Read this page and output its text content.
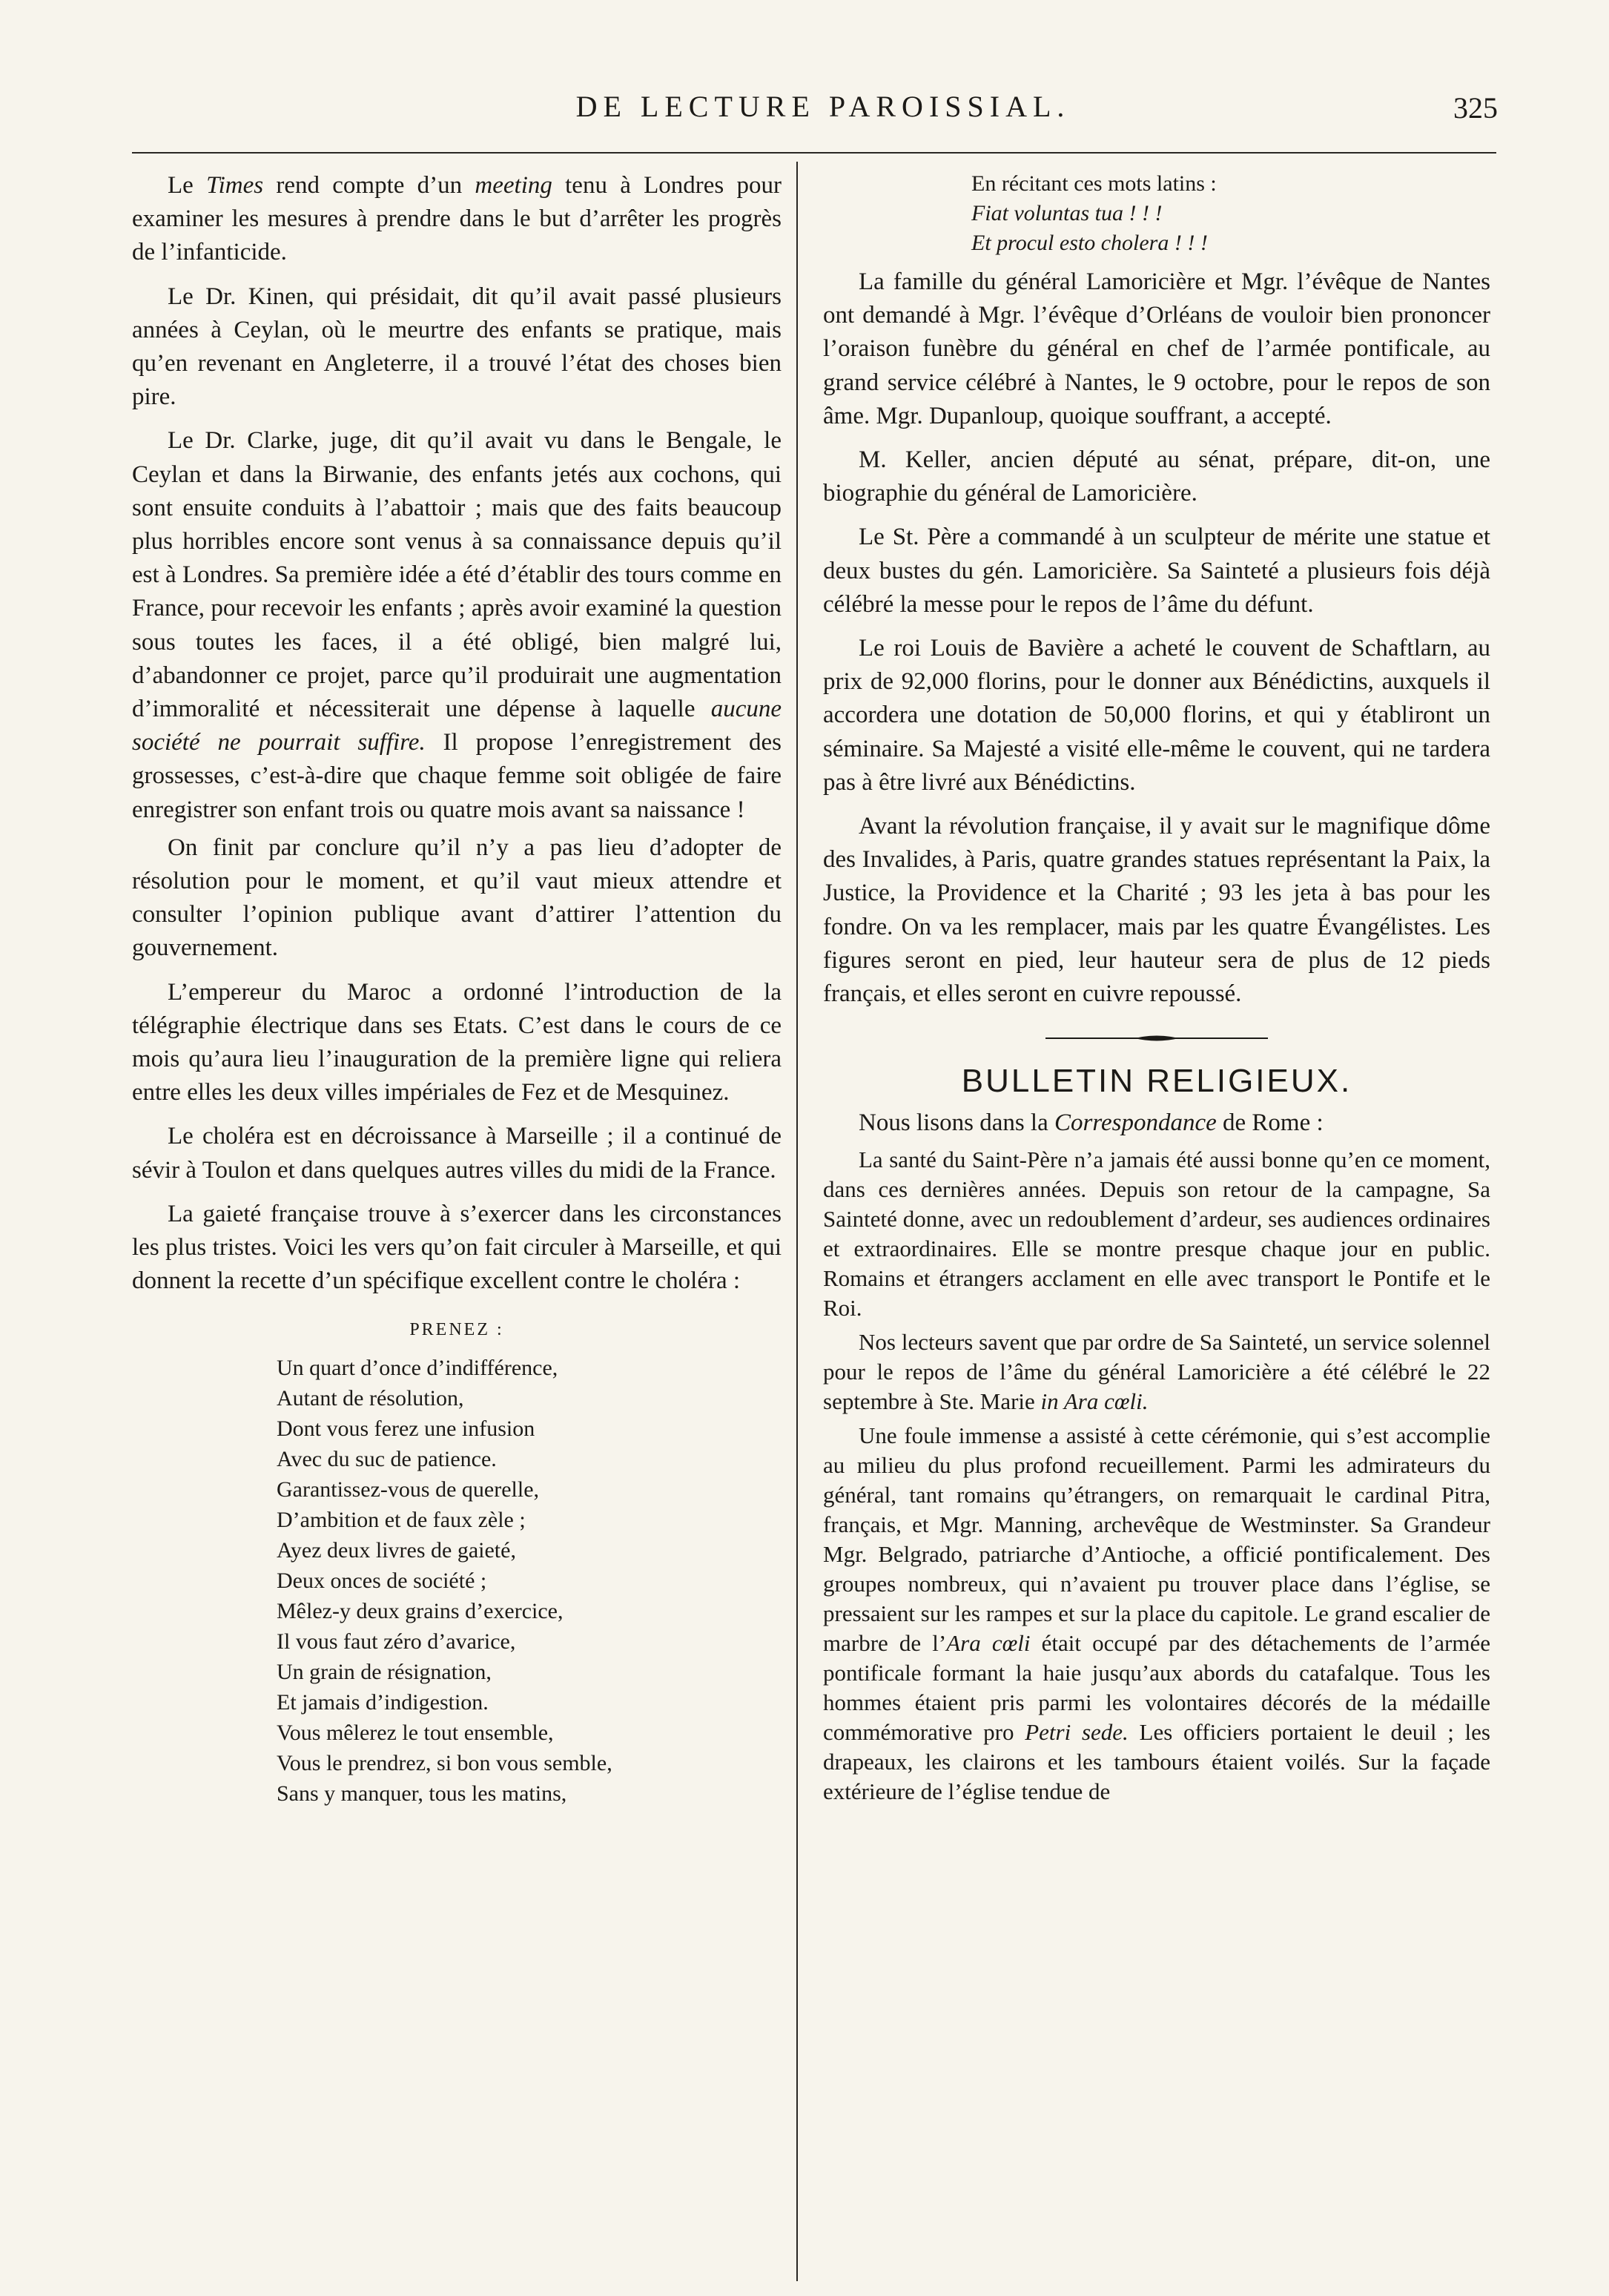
DE LECTURE PAROISSIAL.	325

Le Times rend compte d’un meeting tenu à Londres pour examiner les mesures à prendre dans le but d’arrêter les progrès de l’infanticide.

Le Dr. Kinen, qui présidait, dit qu’il avait passé plusieurs années à Ceylan, où le meurtre des enfants se pratique, mais qu’en revenant en Angleterre, il a trouvé l’état des choses bien pire.

Le Dr. Clarke, juge, dit qu’il avait vu dans le Bengale, le Ceylan et dans la Birwanie, des enfants jetés aux cochons, qui sont ensuite conduits à l’abattoir ; mais que des faits beaucoup plus horribles encore sont venus à sa connaissance depuis qu’il est à Londres. Sa première idée a été d’établir des tours comme en France, pour recevoir les enfants ; après avoir examiné la question sous toutes les faces, il a été obligé, bien malgré lui, d’abandonner ce projet, parce qu’il produirait une augmentation d’immoralité et nécessiterait une dépense à laquelle aucune société ne pourrait suffire. Il propose l’enregistrement des grossesses, c’est-à-dire que chaque femme soit obligée de faire enregistrer son enfant trois ou quatre mois avant sa naissance !

On finit par conclure qu’il n’y a pas lieu d’adopter de résolution pour le moment, et qu’il vaut mieux attendre et consulter l’opinion publique avant d’attirer l’attention du gouvernement.

L’empereur du Maroc a ordonné l’introduction de la télégraphie électrique dans ses Etats. C’est dans le cours de ce mois qu’aura lieu l’inauguration de la première ligne qui reliera entre elles les deux villes impériales de Fez et de Mesquinez.

Le choléra est en décroissance à Marseille ; il a continué de sévir à Toulon et dans quelques autres villes du midi de la France.

La gaieté française trouve à s’exercer dans les circonstances les plus tristes. Voici les vers qu’on fait circuler à Marseille, et qui donnent la recette d’un spécifique excellent contre le choléra :

PRENEZ :
Un quart d’once d’indifférence,
Autant de résolution,
Dont vous ferez une infusion
Avec du suc de patience.
Garantissez-vous de querelle,
D’ambition et de faux zèle ;
Ayez deux livres de gaieté,
Deux onces de société ;
Mêlez-y deux grains d’exercice,
Il vous faut zéro d’avarice,
Un grain de résignation,
Et jamais d’indigestion.
Vous mêlerez le tout ensemble,
Vous le prendrez, si bon vous semble,
Sans y manquer, tous les matins,
En récitant ces mots latins :
Fiat voluntas tua ! ! !
Et procul esto cholera ! ! !

La famille du général Lamoricière et Mgr. l’évêque de Nantes ont demandé à Mgr. l’évêque d’Orléans de vouloir bien prononcer l’oraison funèbre du général en chef de l’armée pontificale, au grand service célébré à Nantes, le 9 octobre, pour le repos de son âme. Mgr. Dupanloup, quoique souffrant, a accepté.

M. Keller, ancien député au sénat, prépare, dit-on, une biographie du général de Lamoricière.

Le St. Père a commandé à un sculpteur de mérite une statue et deux bustes du gén. Lamoricière. Sa Sainteté a plusieurs fois déjà célébré la messe pour le repos de l’âme du défunt.

Le roi Louis de Bavière a acheté le couvent de Schaftlarn, au prix de 92,000 florins, pour le donner aux Bénédictins, auxquels il accordera une dotation de 50,000 florins, et qui y établiront un séminaire. Sa Majesté a visité elle-même le couvent, qui ne tardera pas à être livré aux Bénédictins.

Avant la révolution française, il y avait sur le magnifique dôme des Invalides, à Paris, quatre grandes statues représentant la Paix, la Justice, la Providence et la Charité ; 93 les jeta à bas pour les fondre. On va les remplacer, mais par les quatre Évangélistes. Les figures seront en pied, leur hauteur sera de plus de 12 pieds français, et elles seront en cuivre repoussé.

BULLETIN RELIGIEUX.

Nous lisons dans la Correspondance de Rome :

La santé du Saint-Père n’a jamais été aussi bonne qu’en ce moment, dans ces dernières années. Depuis son retour de la campagne, Sa Sainteté donne, avec un redoublement d’ardeur, ses audiences ordinaires et extraordinaires. Elle se montre presque chaque jour en public. Romains et étrangers acclament en elle avec transport le Pontife et le Roi.

Nos lecteurs savent que par ordre de Sa Sainteté, un service solennel pour le repos de l’âme du général Lamoricière a été célébré le 22 septembre à Ste. Marie in Ara cœli.

Une foule immense a assisté à cette cérémonie, qui s’est accomplie au milieu du plus profond recueillement. Parmi les admirateurs du général, tant romains qu’étrangers, on remarquait le cardinal Pitra, français, et Mgr. Manning, archevêque de Westminster. Sa Grandeur Mgr. Belgrado, patriarche d’Antioche, a officié pontificalement. Des groupes nombreux, qui n’avaient pu trouver place dans l’église, se pressaient sur les rampes et sur la place du capitole. Le grand escalier de marbre de l’Ara cœli était occupé par des détachements de l’armée pontificale formant la haie jusqu’aux abords du catafalque. Tous les hommes étaient pris parmi les volontaires décorés de la médaille commémorative pro Petri sede. Les officiers portaient le deuil ; les drapeaux, les clairons et les tambours étaient voilés. Sur la façade extérieure de l’église tendue de
